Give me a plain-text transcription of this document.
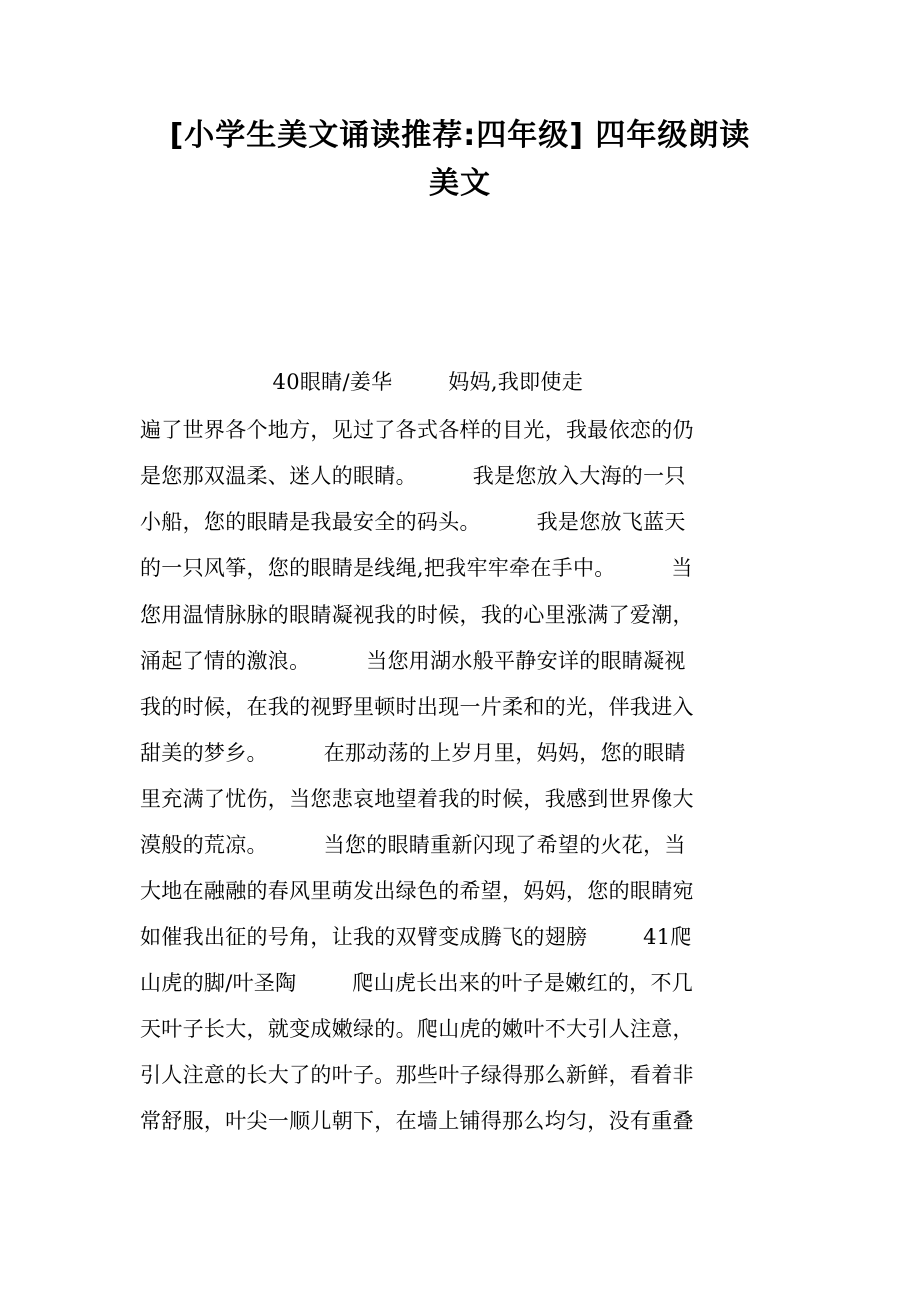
[小学生美文诵读推荐:四年级] 四年级朗读
美文
40眼睛/姜华        妈妈,我即使走
遍了世界各个地方，见过了各式各样的目光，我最依恋的仍
是您那双温柔、迷人的眼睛。        我是您放入大海的一只
小船，您的眼睛是我最安全的码头。        我是您放飞蓝天
的一只风筝，您的眼睛是线绳,把我牢牢牵在手中。        当
您用温情脉脉的眼睛凝视我的时候，我的心里涨满了爱潮，
涌起了情的激浪。        当您用湖水般平静安详的眼睛凝视
我的时候，在我的视野里顿时出现一片柔和的光，伴我进入
甜美的梦乡。        在那动荡的上岁月里，妈妈，您的眼睛
里充满了忧伤，当您悲哀地望着我的时候，我感到世界像大
漠般的荒凉。        当您的眼睛重新闪现了希望的火花，当
大地在融融的春风里萌发出绿色的希望，妈妈，您的眼睛宛
如催我出征的号角，让我的双臂变成腾飞的翅膀        41爬
山虎的脚/叶圣陶        爬山虎长出来的叶子是嫩红的，不几
天叶子长大，就变成嫩绿的。爬山虎的嫩叶不大引人注意，
引人注意的长大了的叶子。那些叶子绿得那么新鲜，看着非
常舒服，叶尖一顺儿朝下，在墙上铺得那么均匀，没有重叠
